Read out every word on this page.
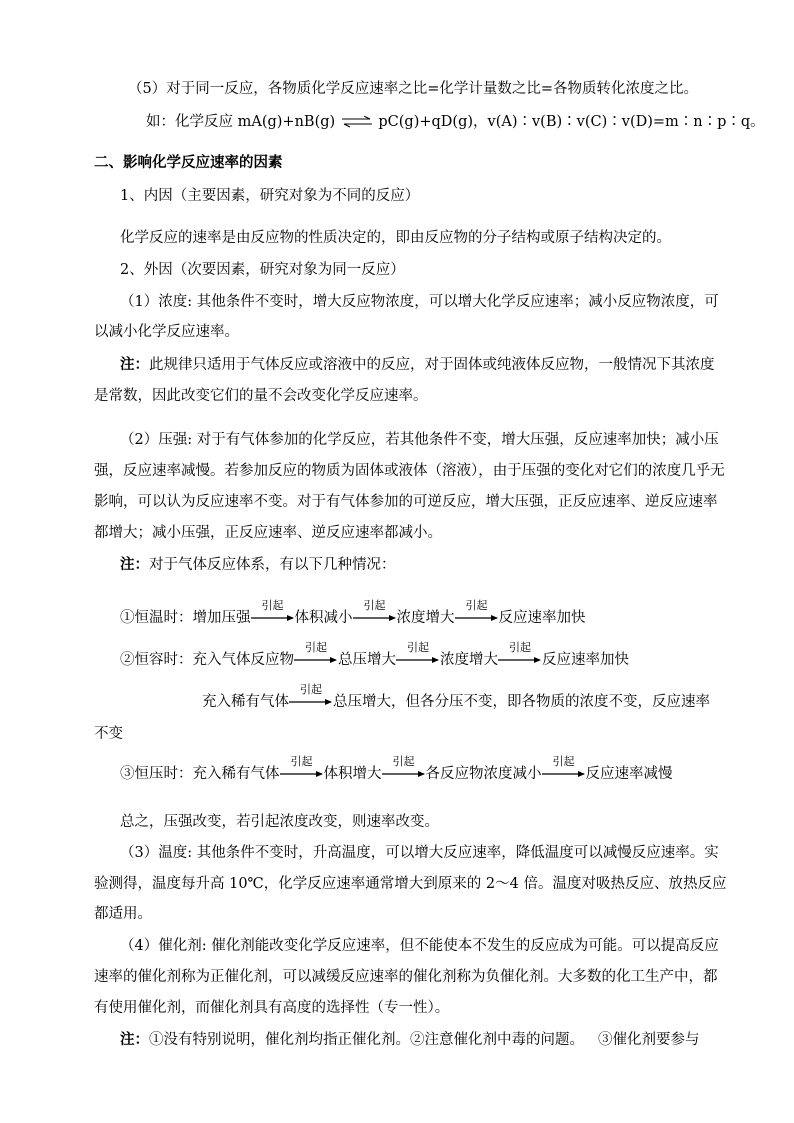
（5）对于同一反应，各物质化学反应速率之比=化学计量数之比=各物质转化浓度之比。
如：化学反应 mA(g)+nB(g) ⇌ pC(g)+qD(g)，v(A)∶v(B)∶v(C)∶v(D)=m∶n∶p∶q。
二、影响化学反应速率的因素
1、内因（主要因素，研究对象为不同的反应）
化学反应的速率是由反应物的性质决定的，即由反应物的分子结构或原子结构决定的。
2、外因（次要因素，研究对象为同一反应）
（1）浓度: 其他条件不变时，增大反应物浓度，可以增大化学反应速率；减小反应物浓度，可
以减小化学反应速率。
注：此规律只适用于气体反应或溶液中的反应，对于固体或纯液体反应物，一般情况下其浓度
是常数，因此改变它们的量不会改变化学反应速率。
（2）压强: 对于有气体参加的化学反应，若其他条件不变，增大压强，反应速率加快；减小压
强，反应速率减慢。若参加反应的物质为固体或液体（溶液），由于压强的变化对它们的浓度几乎无
影响，可以认为反应速率不变。对于有气体参加的可逆反应，增大压强，正反应速率、逆反应速率
都增大；减小压强，正反应速率、逆反应速率都减小。
注：对于气体反应体系，有以下几种情况：
①恒温时：增加压强
引起
体积减小
引起
浓度增大
引起
反应速率加快
②恒容时：充入气体反应物
引起
总压增大
引起
浓度增大
引起
反应速率加快
充入稀有气体
引起
总压增大，但各分压不变，即各物质的浓度不变，反应速率
不变
③恒压时：充入稀有气体
引起
体积增大
引起
各反应物浓度减小
引起
反应速率减慢
总之，压强改变，若引起浓度改变，则速率改变。
（3）温度: 其他条件不变时，升高温度，可以增大反应速率，降低温度可以减慢反应速率。实
验测得，温度每升高 10℃，化学反应速率通常增大到原来的 2～4 倍。温度对吸热反应、放热反应
都适用。
（4）催化剂: 催化剂能改变化学反应速率，但不能使本不发生的反应成为可能。可以提高反应
速率的催化剂称为正催化剂，可以减缓反应速率的催化剂称为负催化剂。大多数的化工生产中，都
有使用催化剂，而催化剂具有高度的选择性（专一性）。
注：①没有特别说明，催化剂均指正催化剂。②注意催化剂中毒的问题。 ③催化剂要参与
